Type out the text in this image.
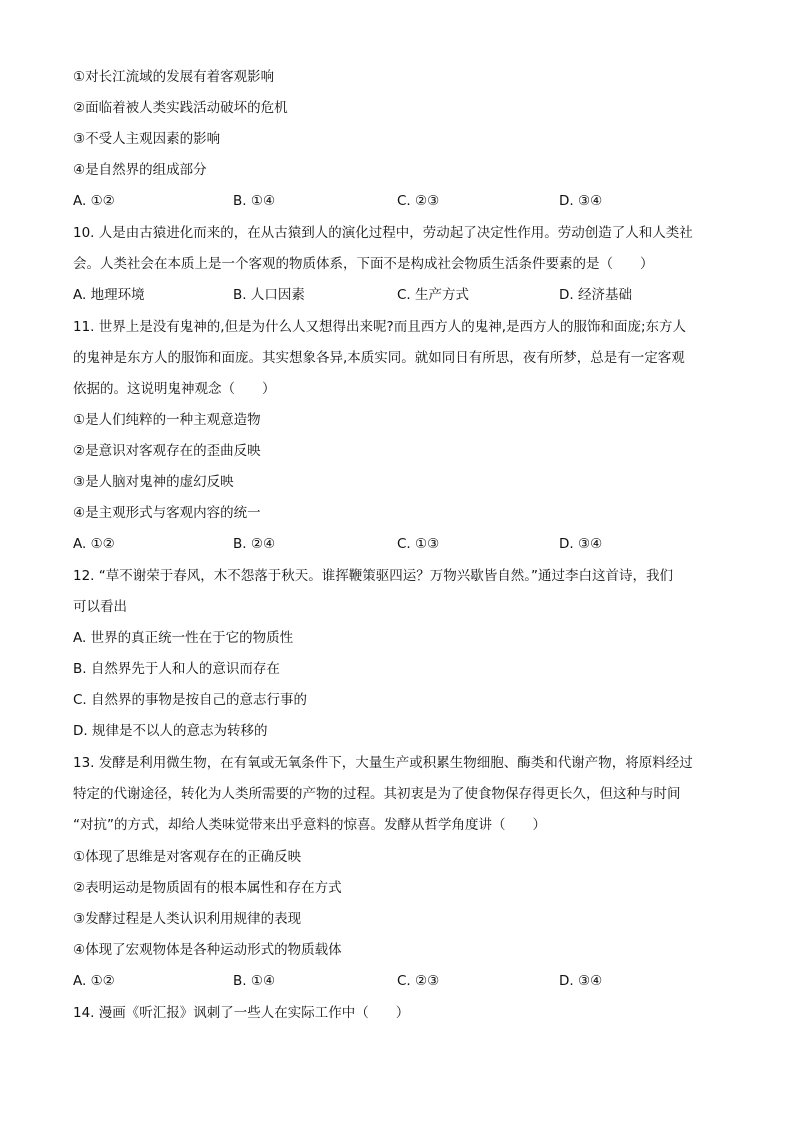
①对长江流域的发展有着客观影响
②面临着被人类实践活动破坏的危机
③不受人主观因素的影响
④是自然界的组成部分
A. ①②	B. ①④	C. ②③	D. ③④
10. 人是由古猿进化而来的，在从古猿到人的演化过程中，劳动起了决定性作用。劳动创造了人和人类社
会。人类社会在本质上是一个客观的物质体系，下面不是构成社会物质生活条件要素的是（　　）
A. 地理环境	B. 人口因素	C. 生产方式	D. 经济基础
11. 世界上是没有鬼神的,但是为什么人又想得出来呢?而且西方人的鬼神,是西方人的服饰和面庞;东方人
的鬼神是东方人的服饰和面庞。其实想象各异,本质实同。就如同日有所思，夜有所梦，总是有一定客观
依据的。这说明鬼神观念（　　）
①是人们纯粹的一种主观意造物
②是意识对客观存在的歪曲反映
③是人脑对鬼神的虚幻反映
④是主观形式与客观内容的统一
A. ①②	B. ②④	C. ①③	D. ③④
12. “草不谢荣于春风，木不怨落于秋天。谁挥鞭策驱四运？万物兴歇皆自然。”通过李白这首诗，我们
可以看出
A. 世界的真正统一性在于它的物质性
B. 自然界先于人和人的意识而存在
C. 自然界的事物是按自己的意志行事的
D. 规律是不以人的意志为转移的
13. 发酵是利用微生物，在有氧或无氧条件下，大量生产或积累生物细胞、酶类和代谢产物，将原料经过
特定的代谢途径，转化为人类所需要的产物的过程。其初衷是为了使食物保存得更长久，但这种与时间
“对抗”的方式，却给人类味觉带来出乎意料的惊喜。发酵从哲学角度讲（　　）
①体现了思维是对客观存在的正确反映
②表明运动是物质固有的根本属性和存在方式
③发酵过程是人类认识利用规律的表现
④体现了宏观物体是各种运动形式的物质载体
A. ①②	B. ①④	C. ②③	D. ③④
14. 漫画《听汇报》讽刺了一些人在实际工作中（　　）
